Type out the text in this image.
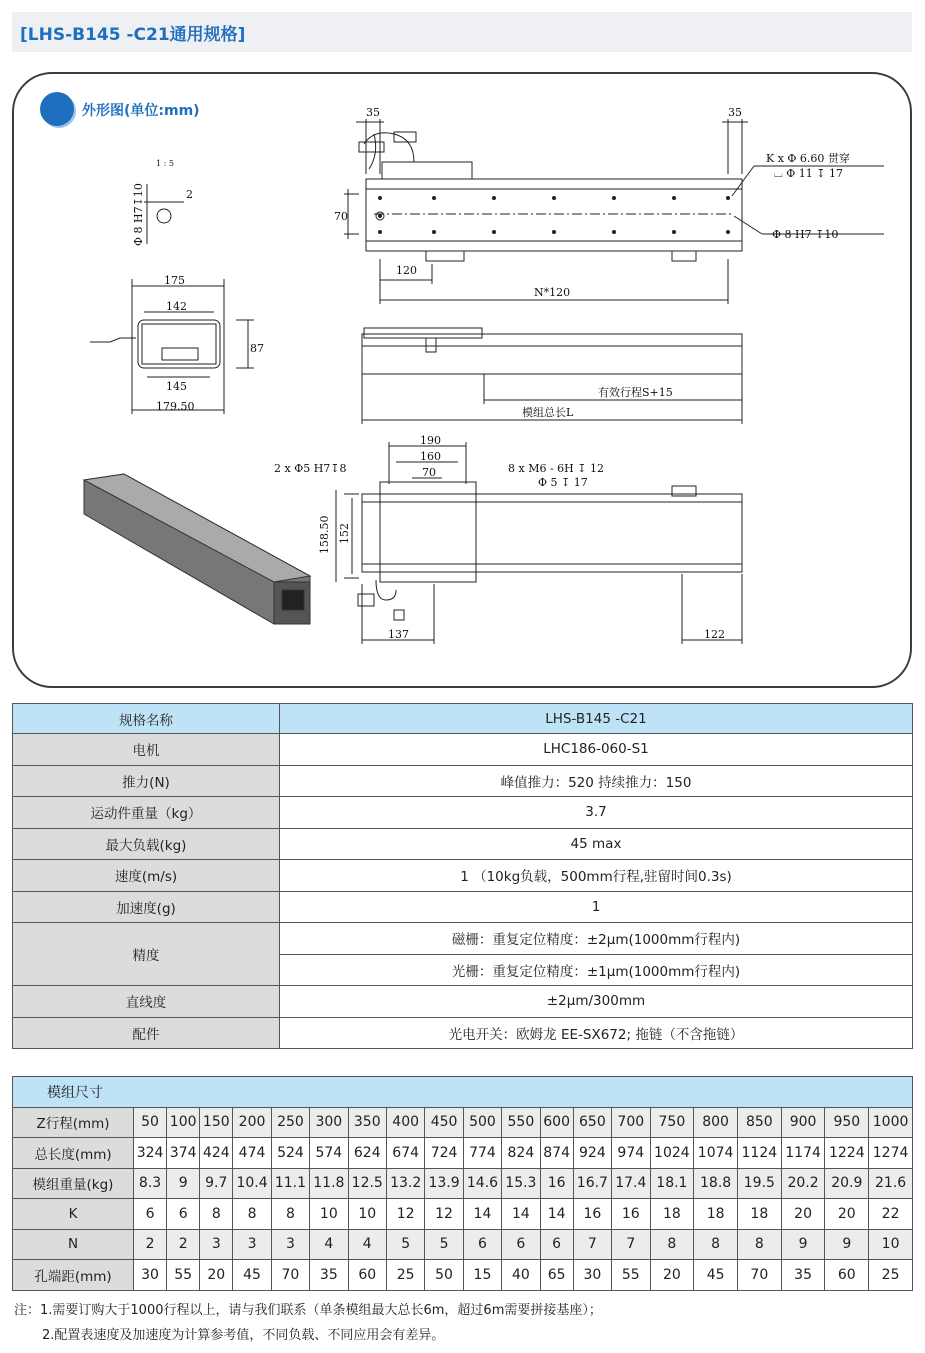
[LHS-B145 -C21通用规格]
外形图(单位:mm)	35	35
K x Φ 6.60 贯穿
⌴ Φ 11 ↧ 17
70
Φ 8 H7 ↧10
120
N*120
1 : 5
2
Φ 8 H7↧10
175
142
87
145
179.50
有效行程S+15
模组总长L
190
160
70
2 x Φ5 H7↧8	8 x M6 - 6H ↧ 12
Φ 5 ↧ 17
158.50 152
137	122
规格名称	LHS-B145 -C21
电机	LHC186-060-S1
推力(N)	峰值推力：520 持续推力：150
运动件重量（kg）	3.7
最大负载(kg)	45 max
速度(m/s)	1 （10kg负载，500mm行程,驻留时间0.3s)
加速度(g)	1
精度	磁栅：重复定位精度：±2μm(1000mm行程内)
	光栅：重复定位精度：±1μm(1000mm行程内)
直线度	±2μm/300mm
配件	光电开关：欧姆龙 EE-SX672; 拖链（不含拖链）
模组尺寸																				
Z行程(mm)	50	100	150	200	250	300	350	400	450	500	550	600	650	700	750	800	850	900	950	1000
总长度(mm)	324	374	424	474	524	574	624	674	724	774	824	874	924	974	1024	1074	1124	1174	1224	1274
模组重量(kg)	8.3	9	9.7	10.4	11.1	11.8	12.5	13.2	13.9	14.6	15.3	16	16.7	17.4	18.1	18.8	19.5	20.2	20.9	21.6
K	6	6	8	8	8	10	10	12	12	14	14	14	16	16	18	18	18	20	20	22
N	2	2	3	3	3	4	4	5	5	6	6	6	7	7	8	8	8	9	9	10
孔端距(mm)	30	55	20	45	70	35	60	25	50	15	40	65	30	55	20	45	70	35	60	25
注：1.需要订购大于1000行程以上，请与我们联系（单条模组最大总长6m，超过6m需要拼接基座）；
2.配置表速度及加速度为计算参考值，不同负载、不同应用会有差异。
